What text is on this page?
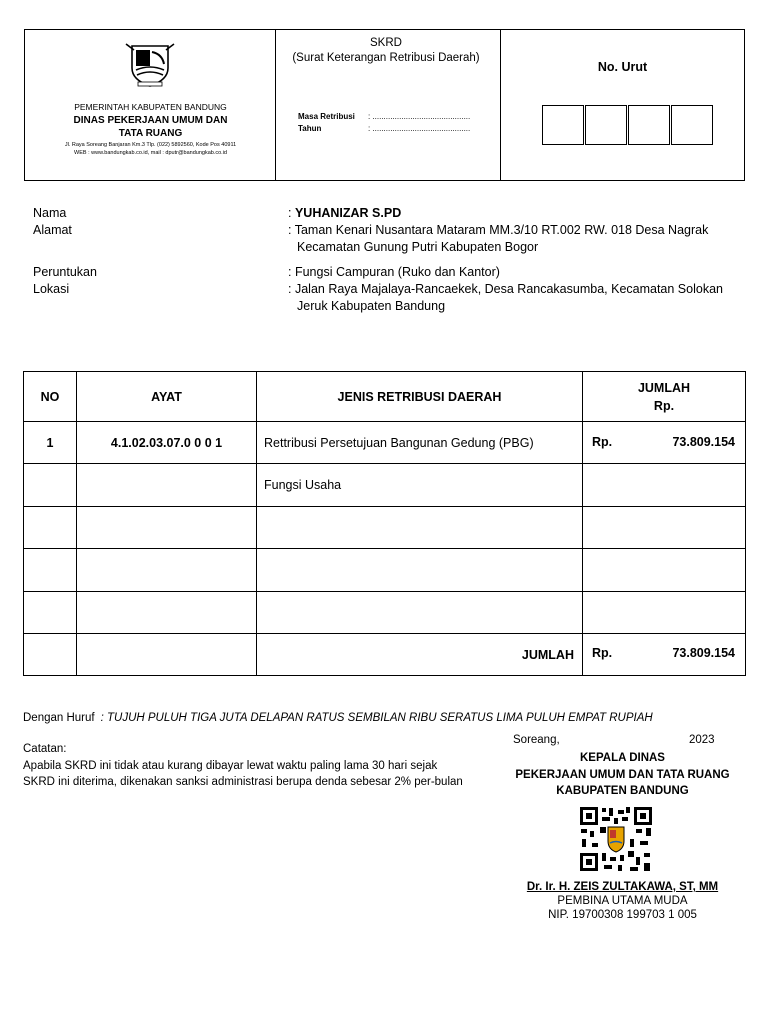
PEMERINTAH KABUPATEN BANDUNG
DINAS PEKERJAAN UMUM DAN
TATA RUANG
Jl. Raya Soreang Banjaran Km.3 Tlp. (022) 5892560, Kode Pos 40911
WEB : www.bandungkab.co.id, mail : dputr@bandungkab.co.id
SKRD
(Surat Keterangan Retribusi Daerah)
Masa Retribusi : ............................................
Tahun	: ............................................
No. Urut
Nama	: YUHANIZAR S.PD
Alamat	: Taman Kenari Nusantara Mataram MM.3/10 RT.002 RW. 018 Desa Nagrak Kecamatan Gunung Putri Kabupaten Bogor
Peruntukan	: Fungsi Campuran (Ruko dan Kantor)
Lokasi	: Jalan Raya Majalaya-Rancaekek, Desa Rancakasumba, Kecamatan Solokan Jeruk Kabupaten Bandung
NO	AYAT	JENIS RETRIBUSI DAERAH	JUMLAH
Rp.

1	4.1.02.03.07.0 0 0 1	Rettribusi Persetujuan Bangunan Gedung (PBG)	Rp. 73.809.154

		Fungsi Usaha	

		JUMLAH	Rp. 73.809.154
Dengan Huruf : TUJUH PULUH TIGA JUTA DELAPAN RATUS SEMBILAN RIBU SERATUS LIMA PULUH EMPAT RUPIAH
Catatan:
Apabila SKRD ini tidak atau kurang dibayar lewat waktu paling lama 30 hari sejak SKRD ini diterima, dikenakan sanksi administrasi berupa denda sebesar 2% per-bulan
Soreang,	2023
KEPALA DINAS
PEKERJAAN UMUM DAN TATA RUANG
KABUPATEN BANDUNG
Dr. Ir. H. ZEIS ZULTAKAWA, ST, MM
PEMBINA UTAMA MUDA
NIP. 19700308 199703 1 005
